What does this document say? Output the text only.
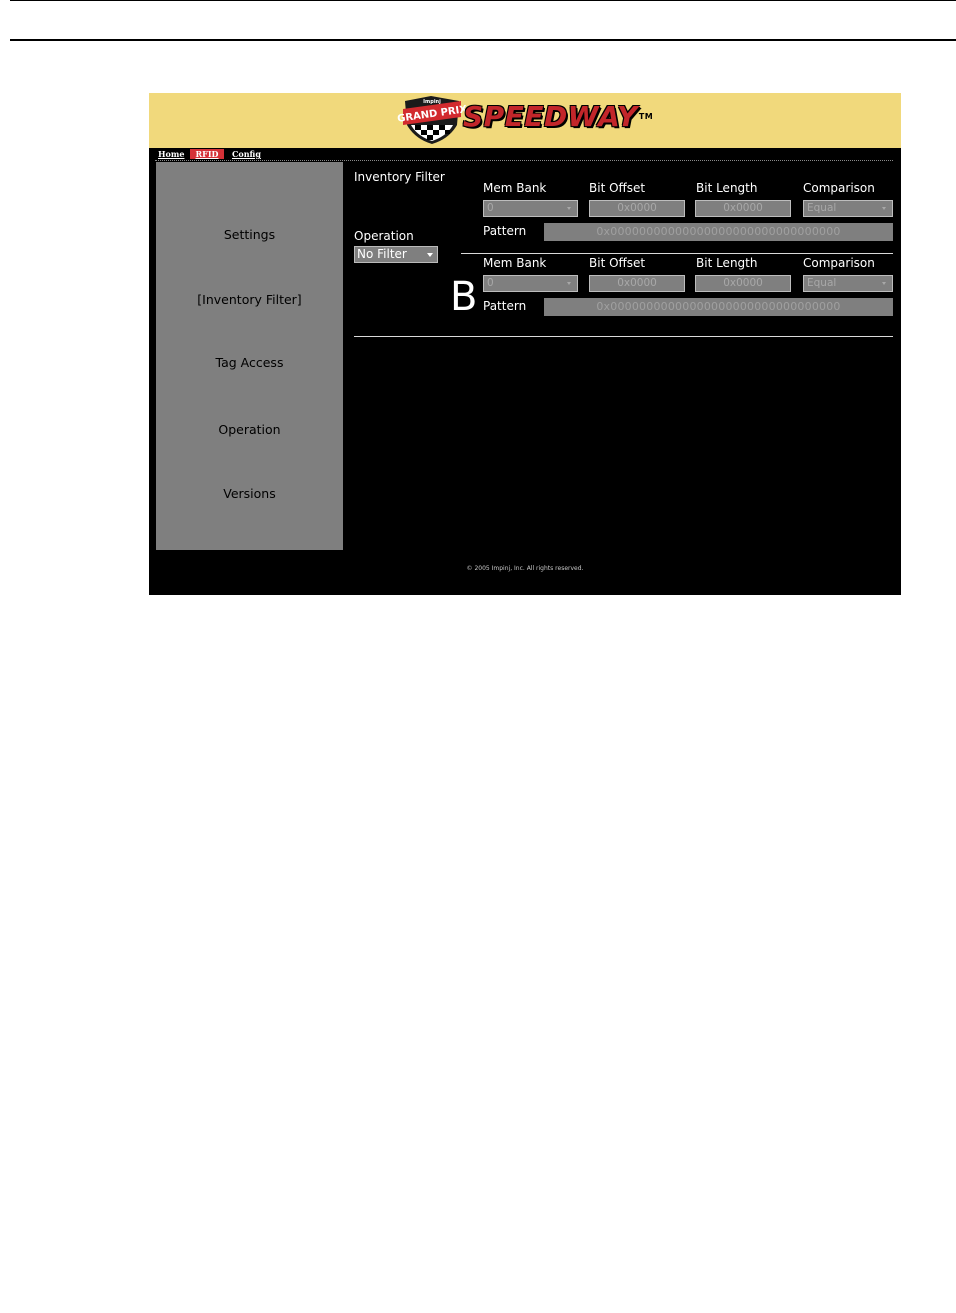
GRAND PRIX
Impinj SPEEDWAY™
Home	RFID	Config
Settings
[Inventory Filter]
Tag Access
Operation
Versions
Inventory Filter
Operation
No Filter
Mem Bank	Bit Offset	Bit Length	Comparison
0	0x0000	0x0000	Equal
Pattern	0x00000000000000000000000000000000
B
Mem Bank	Bit Offset	Bit Length	Comparison
0	0x0000	0x0000	Equal
Pattern	0x00000000000000000000000000000000
© 2005 Impinj, Inc. All rights reserved.
